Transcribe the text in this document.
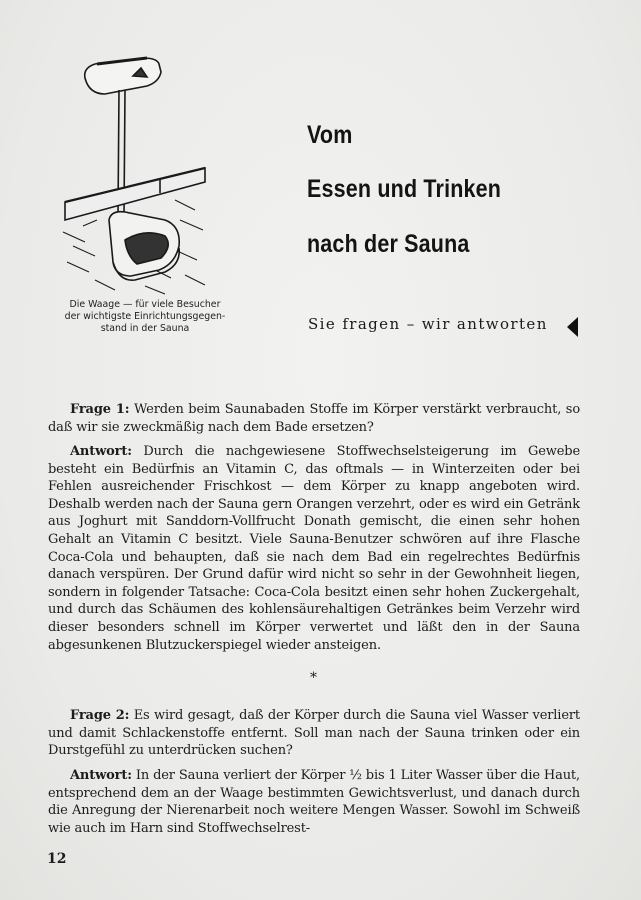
Die Waage — für viele Besucher
der wichtigste Einrichtungsgegen-
stand in der Sauna
Vom
Essen und Trinken
nach der Sauna
Sie fragen – wir antworten

Frage 1: Werden beim Saunabaden Stoffe im Körper verstärkt verbraucht, so daß wir sie zweckmäßig nach dem Bade ersetzen?

Antwort: Durch die nachgewiesene Stoffwechselsteigerung im Gewebe besteht ein Bedürfnis an Vitamin C, das oftmals — in Winterzeiten oder bei Fehlen ausreichender Frischkost — dem Körper zu knapp angeboten wird. Deshalb werden nach der Sauna gern Orangen verzehrt, oder es wird ein Getränk aus Joghurt mit Sanddorn-Vollfrucht Donath gemischt, die einen sehr hohen Gehalt an Vitamin C besitzt. Viele Sauna-Benutzer schwören auf ihre Flasche Coca-Cola und behaupten, daß sie nach dem Bad ein regelrechtes Bedürfnis danach verspüren. Der Grund dafür wird nicht so sehr in der Gewohnheit liegen, sondern in folgender Tatsache: Coca-Cola besitzt einen sehr hohen Zuckergehalt, und durch das Schäumen des kohlensäurehaltigen Getränkes beim Verzehr wird dieser besonders schnell im Körper verwertet und läßt den in der Sauna abgesunkenen Blutzuckerspiegel wieder ansteigen.

*

Frage 2: Es wird gesagt, daß der Körper durch die Sauna viel Wasser verliert und damit Schlackenstoffe entfernt. Soll man nach der Sauna trinken oder ein Durstgefühl zu unterdrücken suchen?

Antwort: In der Sauna verliert der Körper ½ bis 1 Liter Wasser über die Haut, entsprechend dem an der Waage bestimmten Gewichtsverlust, und danach durch die Anregung der Nierenarbeit noch weitere Mengen Wasser. Sowohl im Schweiß wie auch im Harn sind Stoffwechselrest-

12
